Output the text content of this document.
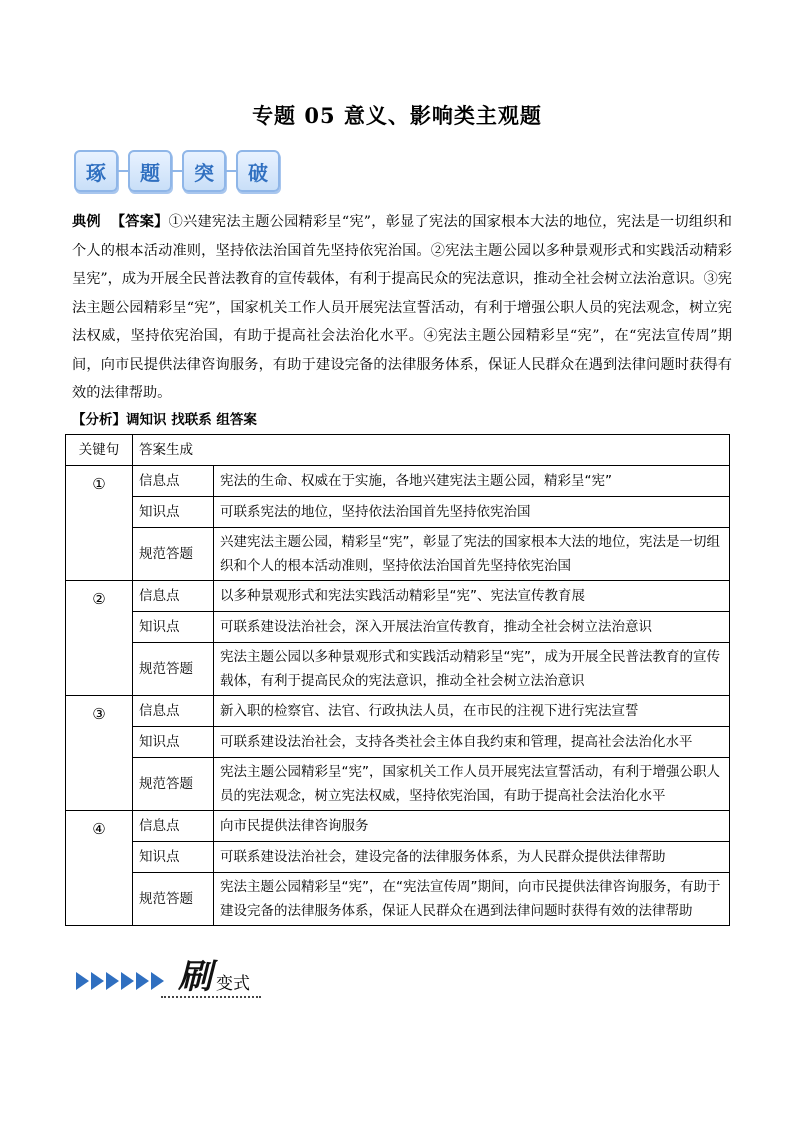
专题 05 意义、影响类主观题
琢	题	突	破
典例 【答案】①兴建宪法主题公园精彩呈“宪”，彰显了宪法的国家根本大法的地位，宪法是一切组织和个人的根本活动准则，坚持依法治国首先坚持依宪治国。②宪法主题公园以多种景观形式和实践活动精彩呈宪”，成为开展全民普法教育的宣传载体，有利于提高民众的宪法意识，推动全社会树立法治意识。③宪法主题公园精彩呈“宪”，国家机关工作人员开展宪法宣誓活动，有利于增强公职人员的宪法观念，树立宪法权威，坚持依宪治国，有助于提高社会法治化水平。④宪法主题公园精彩呈“宪”，在“宪法宣传周”期间，向市民提供法律咨询服务，有助于建设完备的法律服务体系，保证人民群众在遇到法律问题时获得有效的法律帮助。
【分析】调知识 找联系 组答案
关键句	答案生成	
①	信息点	宪法的生命、权威在于实施，各地兴建宪法主题公园，精彩呈“宪”
	知识点	可联系宪法的地位，坚持依法治国首先坚持依宪治国
	规范答题	兴建宪法主题公园，精彩呈“宪”，彰显了宪法的国家根本大法的地位，宪法是一切组织和个人的根本活动准则，坚持依法治国首先坚持依宪治国
②	信息点	以多种景观形式和宪法实践活动精彩呈“宪”、宪法宣传教育展
	知识点	可联系建设法治社会，深入开展法治宣传教育，推动全社会树立法治意识
	规范答题	宪法主题公园以多种景观形式和实践活动精彩呈“宪”，成为开展全民普法教育的宣传载体，有利于提高民众的宪法意识，推动全社会树立法治意识
③	信息点	新入职的检察官、法官、行政执法人员，在市民的注视下进行宪法宣誓
	知识点	可联系建设法治社会，支持各类社会主体自我约束和管理，提高社会法治化水平
	规范答题	宪法主题公园精彩呈“宪”，国家机关工作人员开展宪法宣誓活动，有利于增强公职人员的宪法观念，树立宪法权威，坚持依宪治国，有助于提高社会法治化水平
④	信息点	向市民提供法律咨询服务
	知识点	可联系建设法治社会，建设完备的法律服务体系，为人民群众提供法律帮助
	规范答题	宪法主题公园精彩呈“宪”，在“宪法宣传周”期间，向市民提供法律咨询服务，有助于建设完备的法律服务体系，保证人民群众在遇到法律问题时获得有效的法律帮助
刷 变式
